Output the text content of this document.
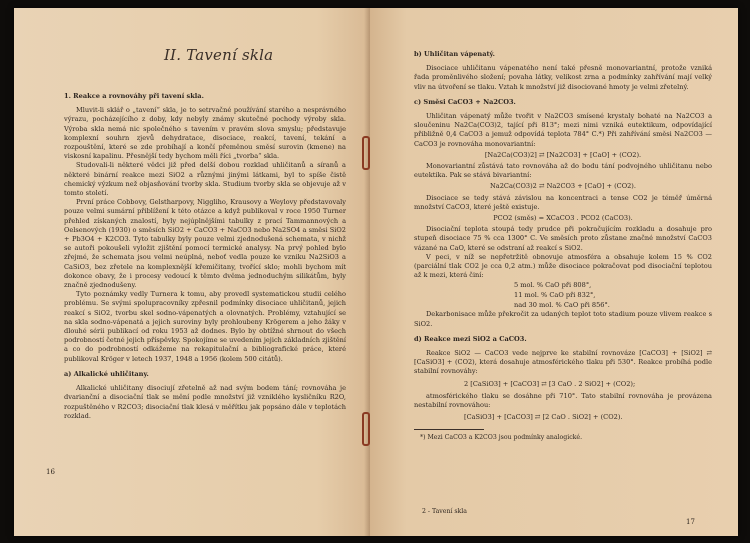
II. Tavení skla

1. Reakce a rovnováhy při tavení skla.

Mluvit-li sklář o „tavení“ skla, je to setrvačné používání starého a nesprávného výrazu, pocházejícího z doby, kdy nebyly známy skutečné pochody výroby skla. Výroba skla nemá nic společného s tavením v pravém slova smyslu; představuje komplexní souhrn zjevů dehydratace, disociace, reakcí, tavení, tekání a rozpouštění, které se zde probíhají a končí přeměnou směsí surovin (kmene) na viskosní kapalinu. Přesnější tedy bychom měli říci „tvorba“ skla.

Studovali-li některé vědci již před delší dobou rozklad uhličitanů a síranů a některé binární reakce mezi SiO2 a různými jinými látkami, byl to spíše čistě chemický výzkum než objasňování tvorby skla. Studium tvorby skla se objevuje až v tomto století.

První práce Cobbovy, Gelstharpovy, Niggliho, Krausovy a Weylovy představovaly pouze velmi sumární přiblížení k této otázce a když publikoval v roce 1950 Turner přehled získaných znalostí, byly nejúplnějšími tabulky z prací Tammannových a Oelsenových (1930) o směsích SiO2 + CaCO3 + NaCO3 nebo Na2SO4 a směsi SiO2 + Pb3O4 + K2CO3. Tyto tabulky byly pouze velmi zjednodušená schemata, v nichž se autoři pokoušeli vyložit zjištění pomocí termické analysy. Na prvý pohled bylo zřejmé, že schemata jsou velmi neúplná, neboť vedla pouze ke vzniku Na2SiO3 a CaSiO3, bez zřetele na komplexnější křemičitany, tvořící sklo; mohli bychom mít dokonce obavy, že i procesy vedoucí k těmto dvěma jednoduchým silikátům, byly značně zjednodušeny.

Tyto poznámky vedly Turnera k tomu, aby provedl systematickou studii celého problému. Se svými spolupracovníky zpřesnil podmínky disociace uhličitanů, jejich reakcí s SiO2, tvorbu skel sodno-vápenatých a olovnatých. Problémy, vztahující se na skla sodno-vápenatá a jejich suroviny byly prohloubeny Krögerem a jeho žáky v dlouhé sérii publikací od roku 1953 až dodnes. Bylo by obtížné shrnout do všech podrobností četné jejich příspěvky. Spokojíme se uvedením jejich základních zjištění a co do podrobností odkážeme na rekapitulační a bibliografické práce, které publikoval Kröger v letech 1937, 1948 a 1956 (kolem 500 citátů).

a) Alkalické uhličitany.

Alkalické uhličitany disociují zřetelně až nad svým bodem tání; rovnováha je dvarianční a disociační tlak se mění podle množství již vzniklého kysličníku R2O, rozpuštěného v R2CO3; disociační tlak klesá v měřítku jak popsáno dále v teplotách rozklad.

16

b) Uhličitan vápenatý.

Disociace uhličitanu vápenatého není také přesně monovariantní, protože vzniká řada proměnlivého složení; povaha látky, velikost zrna a podmínky zahřívání mají velký vliv na útvoření se tlaku. Vztah k množství již disociované hmoty je velmi zřetelný.

c) Směsi CaCO3 + Na2CO3.

Uhličitan vápenatý může tvořit v Na2CO3 smísené krystaly bohaté na Na2CO3 a sloučeninu Na2Ca(CO3)2, tající při 813°; mezi nimi vzniká eutektikum, odpovídající přibližně 0,4 CaCO3 a jemuž odpovídá teplota 784° C.*) Při zahřívání směsi Na2CO3 — CaCO3 je rovnováha monovariantní:

[Na2Ca(CO3)2] ⇄ [Na2CO3] + [CaO] + (CO2).

Monovariantní zůstává tato rovnováha až do bodu tání podvojného uhličitanu nebo eutektika. Pak se stává bivariantní:

Na2Ca(CO3)2 ⇄ Na2CO3 + [CaO] + (CO2).

Disociace se tedy stává závislou na koncentraci a tense CO2 je téměř úměrná množství CaCO3, které ještě existuje.

PCO2 (směs) = XCaCO3 . PCO2 (CaCO3).

Disociační teplota stoupá tedy prudce při pokračujícím rozkladu a dosahuje pro stupeň disociace 75 % cca 1300° C. Ve směsích proto zůstane značné množství CaCO3 vázané na CaO, které se odstraní až reakcí s SiO2.

V peci, v níž se nepřetržitě obnovuje atmosféra a obsahuje kolem 15 % CO2 (parciální tlak CO2 je cca 0,2 atm.) může disociace pokračovat pod disociační teplotou až k mezi, která činí:

5 mol. % CaO při 808°,

11 mol. % CaO při 832°,

nad 30 mol. % CaO při 856°.

Dekarbonisace může překročit za udaných teplot toto stadium pouze vlivem reakce s SiO2.

d) Reakce mezi SiO2 a CaCO3.

Reakce SiO2 — CaCO3 vede nejprve ke stabilní rovnováze [CaCO3] + [SiO2] ⇄ [CaSiO3] + (CO2), která dosahuje atmosférického tlaku při 530°. Reakce probíhá podle stabilní rovnováhy:

2 [CaSiO3] + [CaCO3] ⇄ [3 CaO . 2 SiO2] + (CO2);

atmosférického tlaku se dosáhne při 710°. Tato stabilní rovnováha je provázena nestabilní rovnováhou:

[CaSiO3] + [CaCO3] ⇄ [2 CaO . SiO2] + (CO2).

*) Mezi CaCO3 a K2CO3 jsou podmínky analogické.

2 - Tavení skla
17
